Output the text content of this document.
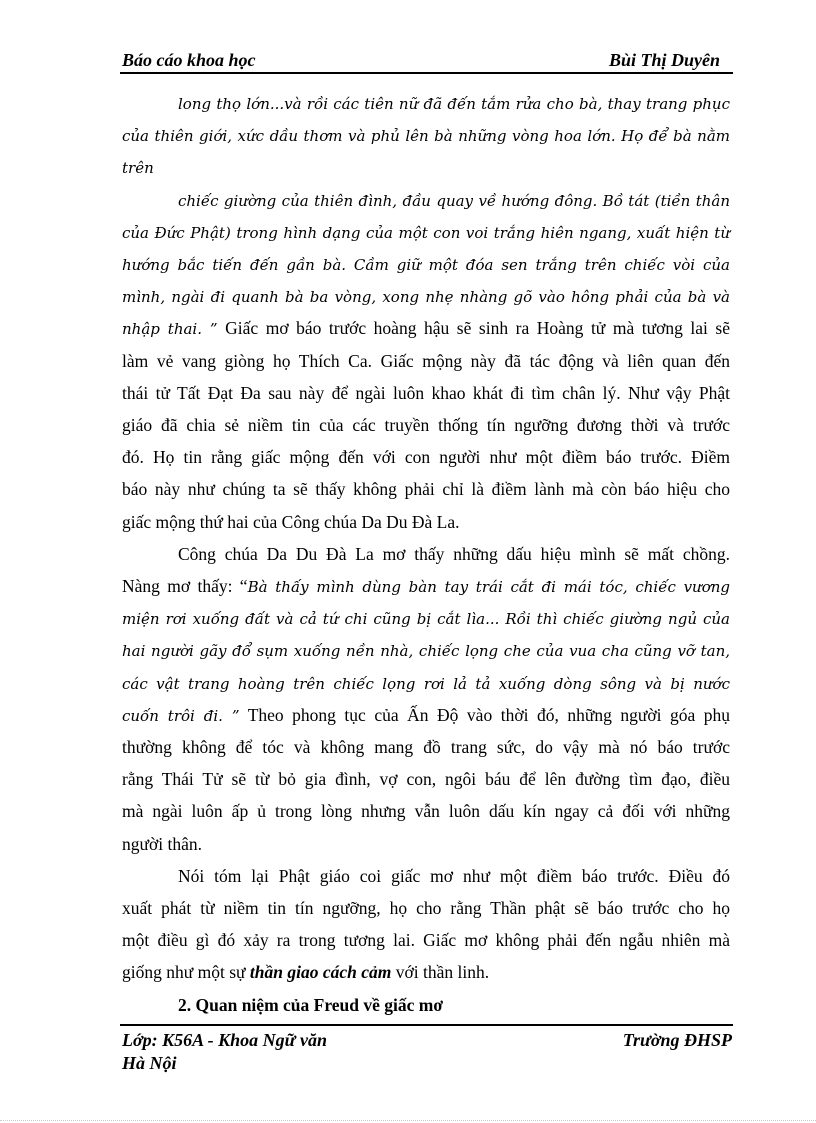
Báo cáo khoa học	Bùi Thị Duyên
long thọ lớn...và rồi các tiên nữ đã đến tắm rửa cho bà, thay trang phục
của thiên giới, xức dầu thơm và phủ lên bà những vòng hoa lớn. Họ để bà nằm
trên
chiếc giường của thiên đình, đầu quay về hướng đông. Bồ tát (tiền thân
của Đức Phật) trong hình dạng của một con voi trắng hiên ngang, xuất hiện từ
hướng bắc tiến đến gần bà. Cầm giữ một đóa sen trắng trên chiếc vòi của
mình, ngài đi quanh bà ba vòng, xong nhẹ nhàng gõ vào hông phải của bà và
nhập thai. ” Giấc mơ báo trước hoàng hậu sẽ sinh ra Hoàng tử mà tương lai sẽ
làm vẻ vang giòng họ Thích Ca. Giấc mộng này đã tác động và liên quan đến
thái tử Tất Đạt Đa sau này để ngài luôn khao khát đi tìm chân lý. Như vậy Phật
giáo đã chia sẻ niềm tin của các truyền thống tín ngưỡng đương thời và trước
đó. Họ tin rằng giấc mộng đến với con người như một điềm báo trước. Điềm
báo này như chúng ta sẽ thấy không phải chỉ là điềm lành mà còn báo hiệu cho
giấc mộng thứ hai của Công chúa Da Du Đà La.
Công chúa Da Du Đà La mơ thấy những dấu hiệu mình sẽ mất chồng.
Nàng mơ thấy: “Bà thấy mình dùng bàn tay trái cắt đi mái tóc, chiếc vương
miện rơi xuống đất và cả tứ chi cũng bị cắt lìa... Rồi thì chiếc giường ngủ của
hai người gãy đổ sụm xuống nền nhà, chiếc lọng che của vua cha cũng vỡ tan,
các vật trang hoàng trên chiếc lọng rơi lả tả xuống dòng sông và bị nước
cuốn trôi đi. ” Theo phong tục của Ấn Độ vào thời đó, những người góa phụ
thường không để tóc và không mang đồ trang sức, do vậy mà nó báo trước
rằng Thái Tử sẽ từ bỏ gia đình, vợ con, ngôi báu để lên đường tìm đạo, điều
mà ngài luôn ấp ủ trong lòng nhưng vẫn luôn dấu kín ngay cả đối với những
người thân.
Nói tóm lại Phật giáo coi giấc mơ như một điềm báo trước. Điều đó
xuất phát từ niềm tin tín ngưỡng, họ cho rằng Thần phật sẽ báo trước cho họ
một điều gì đó xảy ra trong tương lai. Giấc mơ không phải đến ngẫu nhiên mà
giống như một sự thần giao cách cảm với thần linh.
2. Quan niệm của Freud về giấc mơ
Lớp: K56A - Khoa Ngữ văn	Trường ĐHSP
Hà Nội
